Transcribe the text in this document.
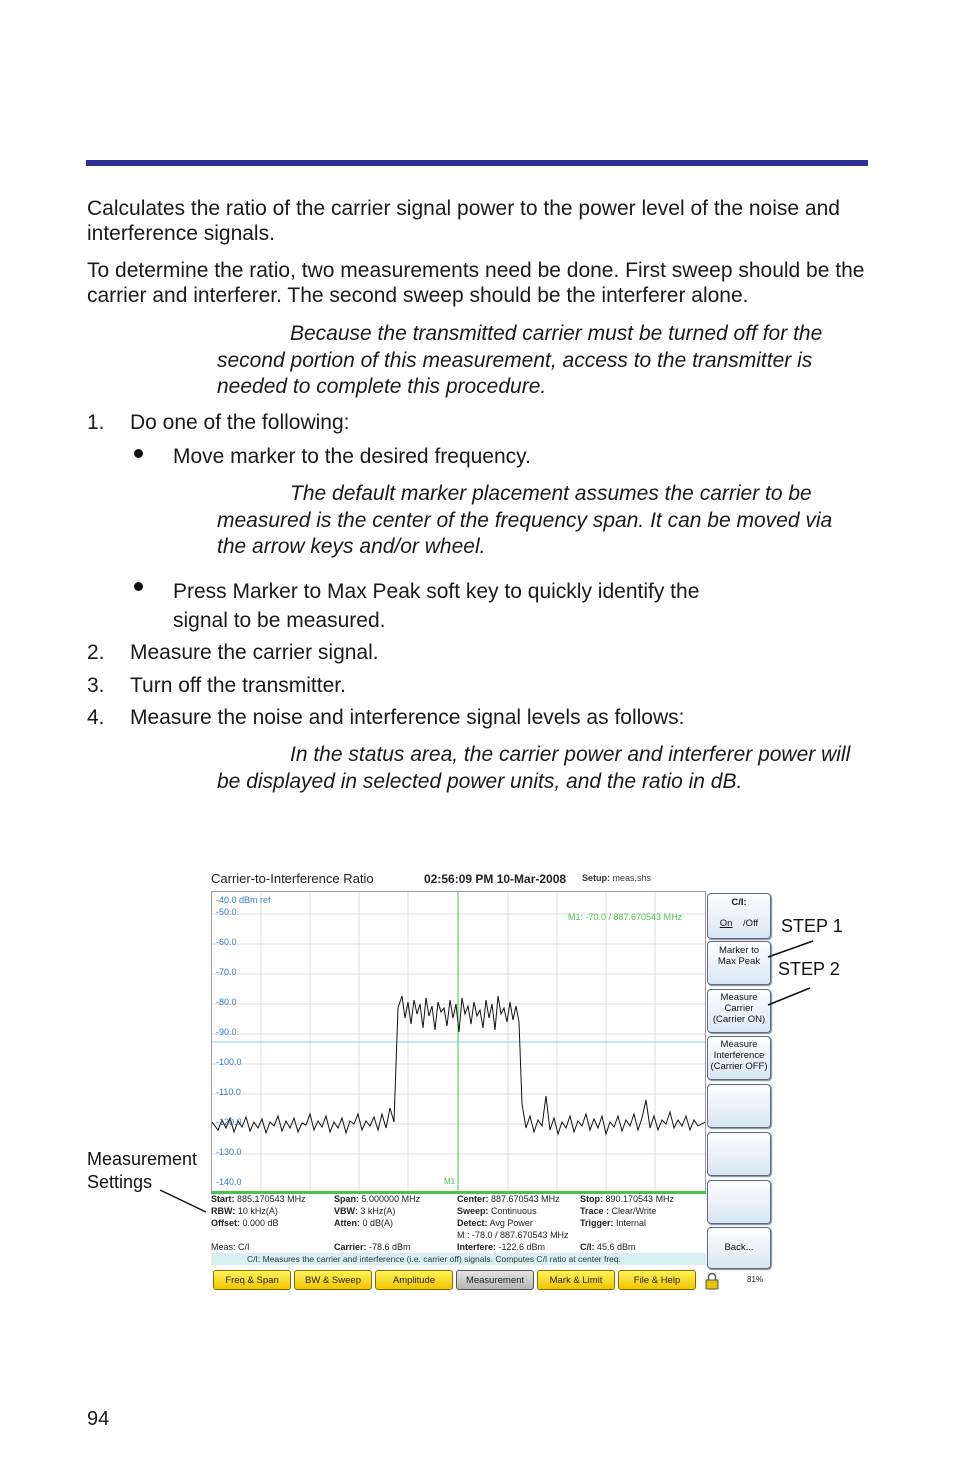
Calculates the ratio of the carrier signal power to the power level of the noise and interference signals.
To determine the ratio, two measurements need be done. First sweep should be the carrier and interferer. The second sweep should be the interferer alone.
Because the transmitted carrier must be turned off for the second portion of this measurement, access to the transmitter is needed to complete this procedure.
1. Do one of the following:
Move marker to the desired frequency.
The default marker placement assumes the carrier to be measured is the center of the frequency span. It can be moved via the arrow keys and/or wheel.
Press Marker to Max Peak soft key to quickly identify the signal to be measured.
2. Measure the carrier signal.
3. Turn off the transmitter.
4. Measure the noise and interference signal levels as follows:
In the status area, the carrier power and interferer power will be displayed in selected power units, and the ratio in dB.
Carrier-to-Interference Ratio	02:56:09 PM 10-Mar-2008 Setup: meas.shs
-40.0 dBm ref
-50.0
-60.0
-70.0
-80.0
-90.0
-100.0
-110.0
-120.0
-130.0
-140.0
M1: -70.0 / 887.670543 MHz
M1
Start: 885.170543 MHz	Span: 5.000000 MHz	Center: 887.670543 MHz Stop: 890.170543 MHz
RBW: 10 kHz(A)	VBW: 3 kHz(A)	Sweep: Continuous	Trace : Clear/Write
Offset: 0.000 dB	Atten: 0 dB(A)	Detect: Avg Power	Trigger: Internal
M : -78.0 / 887.670543 MHz
Meas: C/I	Carrier: -78.6 dBm	Interfere: -122.6 dBm	C/I: 45.6 dBm
C/I: Measures the carrier and interference (i.e. carrier off) signals. Computes C/I ratio at center freq.
C/I:
On /Off
Marker to
Max Peak
Measure
Carrier
(Carrier ON)
Measure
Interference
(Carrier OFF)
Back...
Freq & Span	BW & Sweep	Amplitude	Measurement	Mark & Limit	File & Help	81%
STEP 1
STEP 2
Measurement
Settings
94
